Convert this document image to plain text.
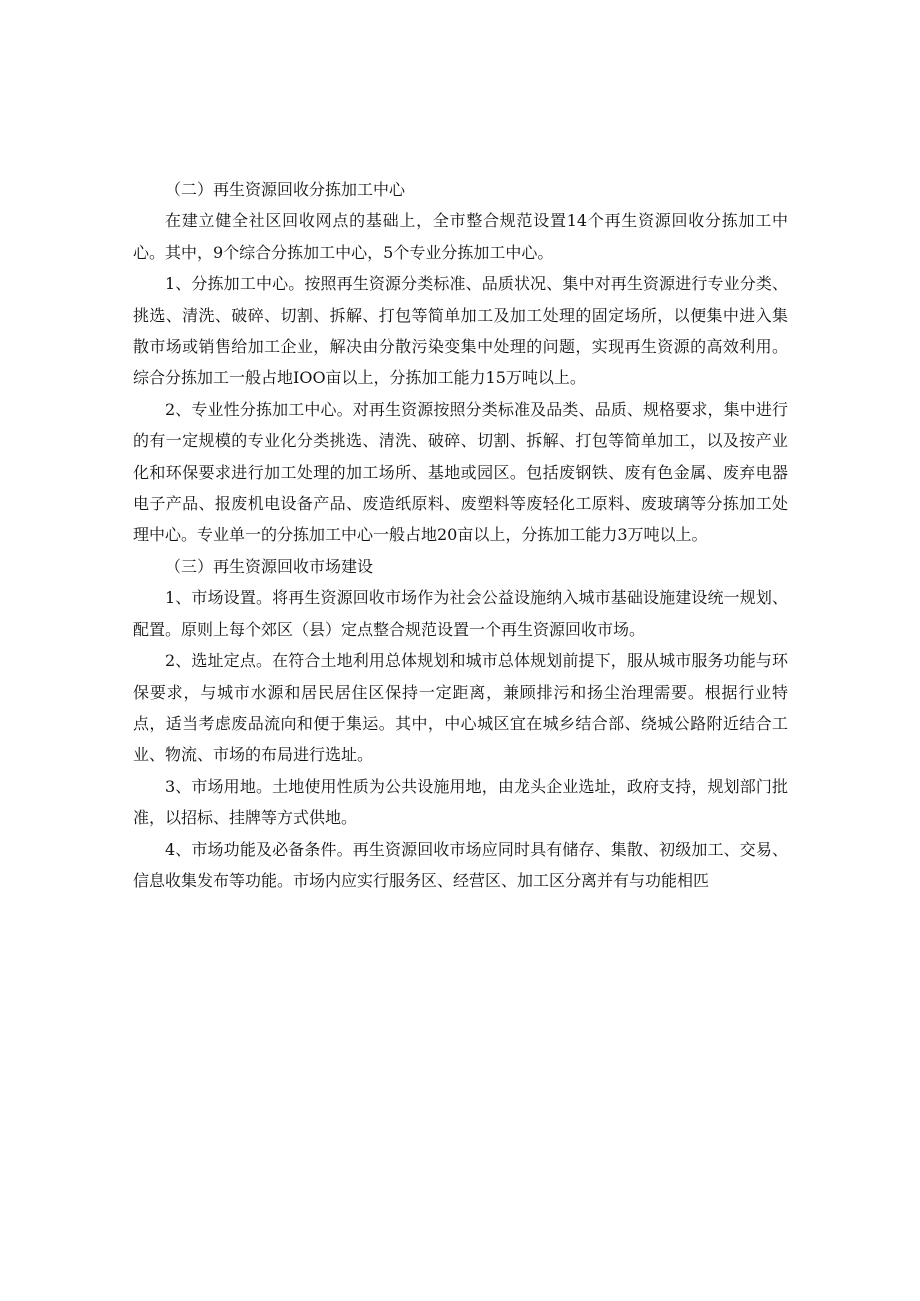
（二）再生资源回收分拣加工中心

在建立健全社区回收网点的基础上，全市整合规范设置14个再生资源回收分拣加工中心。其中，9个综合分拣加工中心，5个专业分拣加工中心。

1、分拣加工中心。按照再生资源分类标准、品质状况、集中对再生资源进行专业分类、挑选、清洗、破碎、切割、拆解、打包等简单加工及加工处理的固定场所，以便集中进入集散市场或销售给加工企业，解决由分散污染变集中处理的问题，实现再生资源的高效利用。综合分拣加工一般占地IOO亩以上，分拣加工能力15万吨以上。

2、专业性分拣加工中心。对再生资源按照分类标准及品类、品质、规格要求，集中进行的有一定规模的专业化分类挑选、清洗、破碎、切割、拆解、打包等简单加工，以及按产业化和环保要求进行加工处理的加工场所、基地或园区。包括废钢铁、废有色金属、废弃电器电子产品、报废机电设备产品、废造纸原料、废塑料等废轻化工原料、废玻璃等分拣加工处理中心。专业单一的分拣加工中心一般占地20亩以上，分拣加工能力3万吨以上。

（三）再生资源回收市场建设

1、市场设置。将再生资源回收市场作为社会公益设施纳入城市基础设施建设统一规划、配置。原则上每个郊区（县）定点整合规范设置一个再生资源回收市场。

2、选址定点。在符合土地利用总体规划和城市总体规划前提下，服从城市服务功能与环保要求，与城市水源和居民居住区保持一定距离，兼顾排污和扬尘治理需要。根据行业特点，适当考虑废品流向和便于集运。其中，中心城区宜在城乡结合部、绕城公路附近结合工业、物流、市场的布局进行选址。

3、市场用地。土地使用性质为公共设施用地，由龙头企业选址，政府支持，规划部门批准，以招标、挂牌等方式供地。

4、市场功能及必备条件。再生资源回收市场应同时具有储存、集散、初级加工、交易、信息收集发布等功能。市场内应实行服务区、经营区、加工区分离并有与功能相匹
